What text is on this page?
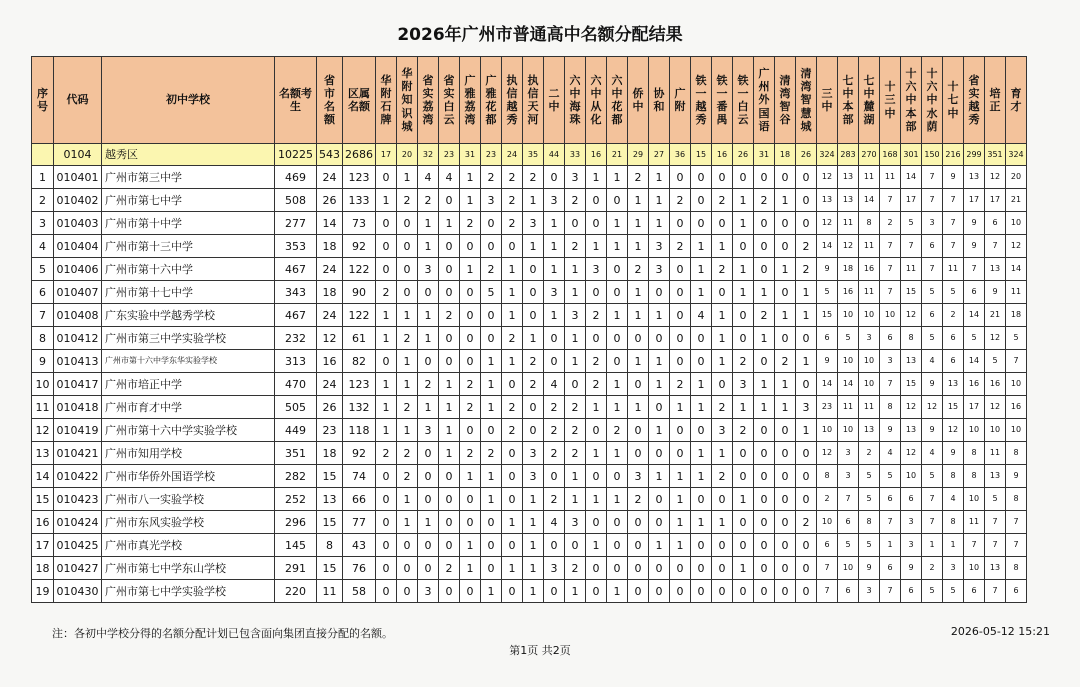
2026年广州市普通高中名额分配结果
序号	代码	初中学校	名额考生	省市名额	区属名额	华附石牌	华附知识城	省实荔湾	省实白云	广雅荔湾	广雅花都	执信越秀	执信天河	二中	六中海珠	六中从化	六中花都	侨中	协和	广附	铁一越秀	铁一番禺	铁一白云	广州外国语	清湾智谷	清湾智慧城	三中	七中本部	七中麓湖	十三中	十六中本部	十六中水荫	十七中	省实越秀	培正	育才
	0104	越秀区	10225	543	2686	17	20	32	23	31	23	24	35	44	33	16	21	29	27	36	15	16	26	31	18	26	324	283	270	168	301	150	216	299	351	324
1	010401	广州市第三中学	469	24	123	0	1	4	4	1	2	2	2	0	3	1	1	2	1	0	0	0	0	0	0	0	12	13	11	11	14	7	9	13	12	20
2	010402	广州市第七中学	508	26	133	1	2	2	0	1	3	2	1	3	2	0	0	1	1	2	0	2	1	2	1	0	13	13	14	7	17	7	7	17	17	21
3	010403	广州市第十中学	277	14	73	0	0	1	1	2	0	2	3	1	0	0	1	1	1	0	0	0	1	0	0	0	12	11	8	2	5	3	7	9	6	10
4	010404	广州市第十三中学	353	18	92	0	0	1	0	0	0	0	1	1	2	1	1	1	3	2	1	1	0	0	0	2	14	12	11	7	7	6	7	9	7	12
5	010406	广州市第十六中学	467	24	122	0	0	3	0	1	2	1	0	1	1	3	0	2	3	0	1	2	1	0	1	2	9	18	16	7	11	7	11	7	13	14
6	010407	广州市第十七中学	343	18	90	2	0	0	0	0	5	1	0	3	1	0	0	1	0	0	1	0	1	1	0	1	5	16	11	7	15	5	5	6	9	11
7	010408	广东实验中学越秀学校	467	24	122	1	1	1	2	0	0	1	0	1	3	2	1	1	1	0	4	1	0	2	1	1	15	10	10	10	12	6	2	14	21	18
8	010412	广州市第三中学实验学校	232	12	61	1	2	1	0	0	0	2	1	0	1	0	0	0	0	0	0	1	0	1	0	0	6	5	3	6	8	5	6	5	12	5
9	010413	广州市第十六中学东华实验学校	313	16	82	0	1	0	0	0	1	1	2	0	1	2	0	1	1	0	0	1	2	0	2	1	9	10	10	3	13	4	6	14	5	7
10	010417	广州市培正中学	470	24	123	1	1	2	1	2	1	0	2	4	0	2	1	0	1	2	1	0	3	1	1	0	14	14	10	7	15	9	13	16	16	10
11	010418	广州市育才中学	505	26	132	1	2	1	1	2	1	2	0	2	2	1	1	1	0	1	1	2	1	1	1	3	23	11	11	8	12	12	15	17	12	16
12	010419	广州市第十六中学实验学校	449	23	118	1	1	3	1	0	0	2	0	2	2	0	2	0	1	0	0	3	2	0	0	1	10	10	13	9	13	9	12	10	10	10
13	010421	广州市知用学校	351	18	92	2	2	0	1	2	2	0	3	2	2	1	1	0	0	0	1	1	0	0	0	0	12	3	2	4	12	4	9	8	11	8
14	010422	广州市华侨外国语学校	282	15	74	0	2	0	0	1	1	0	3	0	1	0	0	3	1	1	1	2	0	0	0	0	8	3	5	5	10	5	8	8	13	9
15	010423	广州市八一实验学校	252	13	66	0	1	0	0	0	1	0	1	2	1	1	1	2	0	1	0	0	1	0	0	0	2	7	5	6	6	7	4	10	5	8
16	010424	广州市东风实验学校	296	15	77	0	1	1	0	0	0	1	1	4	3	0	0	0	0	1	1	1	0	0	0	2	10	6	8	7	3	7	8	11	7	7
17	010425	广州市真光学校	145	8	43	0	0	0	0	1	0	0	1	0	0	1	0	0	1	1	0	0	0	0	0	0	6	5	5	1	3	1	1	7	7	7
18	010427	广州市第七中学东山学校	291	15	76	0	0	0	2	1	0	1	1	3	2	0	0	0	0	0	0	0	1	0	0	0	7	10	9	6	9	2	3	10	13	8
19	010430	广州市第七中学实验学校	220	11	58	0	0	3	0	0	1	0	1	0	1	0	1	0	0	0	0	0	0	0	0	0	7	6	3	7	6	5	5	6	7	6
注：各初中学校分得的名额分配计划已包含面向集团直接分配的名额。	2026-05-12 15:21
第1页 共2页
